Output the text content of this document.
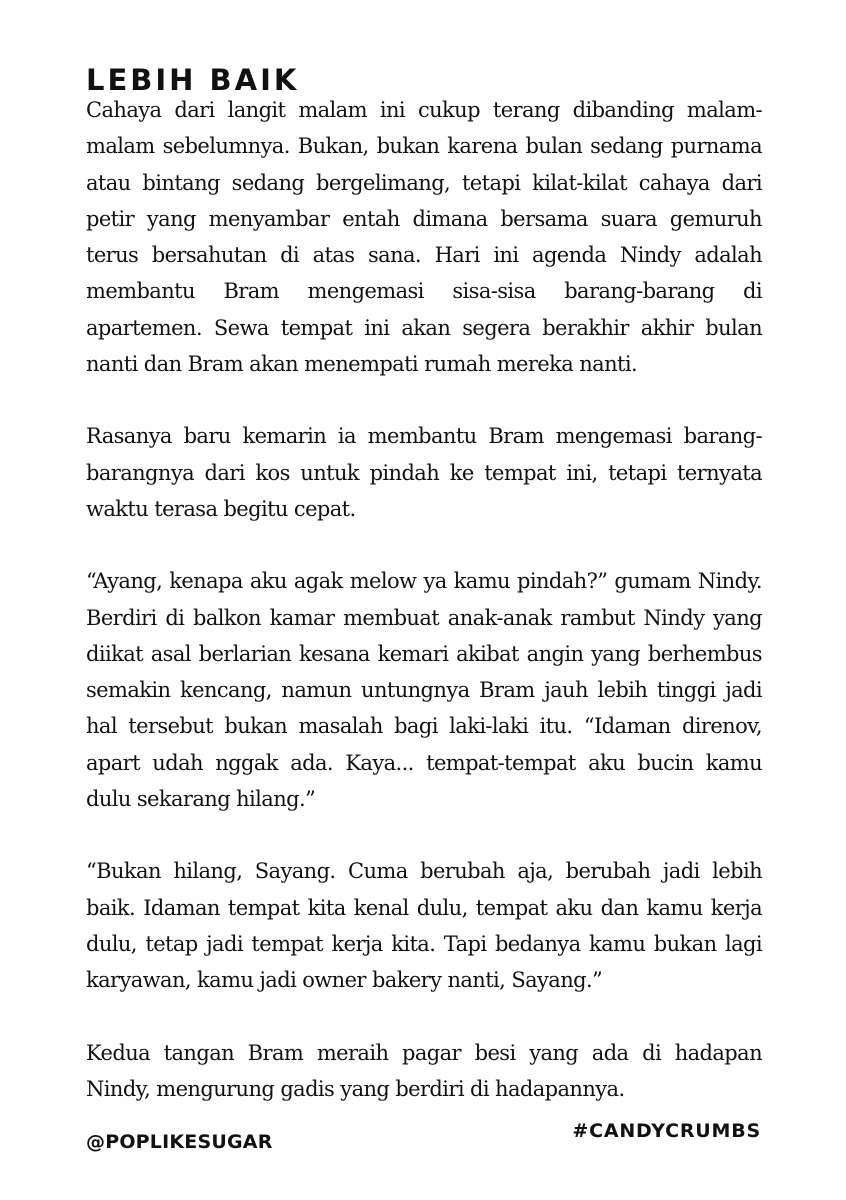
LEBIH BAIK

Cahaya dari langit malam ini cukup terang dibanding malam-
malam sebelumnya. Bukan, bukan karena bulan sedang purnama
atau bintang sedang bergelimang, tetapi kilat-kilat cahaya dari
petir yang menyambar entah dimana bersama suara gemuruh
terus bersahutan di atas sana. Hari ini agenda Nindy adalah
membantu Bram mengemasi sisa-sisa barang-barang di
apartemen. Sewa tempat ini akan segera berakhir akhir bulan
nanti dan Bram akan menempati rumah mereka nanti.

Rasanya baru kemarin ia membantu Bram mengemasi barang-
barangnya dari kos untuk pindah ke tempat ini, tetapi ternyata
waktu terasa begitu cepat.

“Ayang, kenapa aku agak melow ya kamu pindah?” gumam Nindy.
Berdiri di balkon kamar membuat anak-anak rambut Nindy yang
diikat asal berlarian kesana kemari akibat angin yang berhembus
semakin kencang, namun untungnya Bram jauh lebih tinggi jadi
hal tersebut bukan masalah bagi laki-laki itu. “Idaman direnov,
apart udah nggak ada. Kaya... tempat-tempat aku bucin kamu
dulu sekarang hilang.”

“Bukan hilang, Sayang. Cuma berubah aja, berubah jadi lebih
baik. Idaman tempat kita kenal dulu, tempat aku dan kamu kerja
dulu, tetap jadi tempat kerja kita. Tapi bedanya kamu bukan lagi
karyawan, kamu jadi owner bakery nanti, Sayang.”

Kedua tangan Bram meraih pagar besi yang ada di hadapan
Nindy, mengurung gadis yang berdiri di hadapannya.

#CANDYCRUMBS
@POPLIKESUGAR
